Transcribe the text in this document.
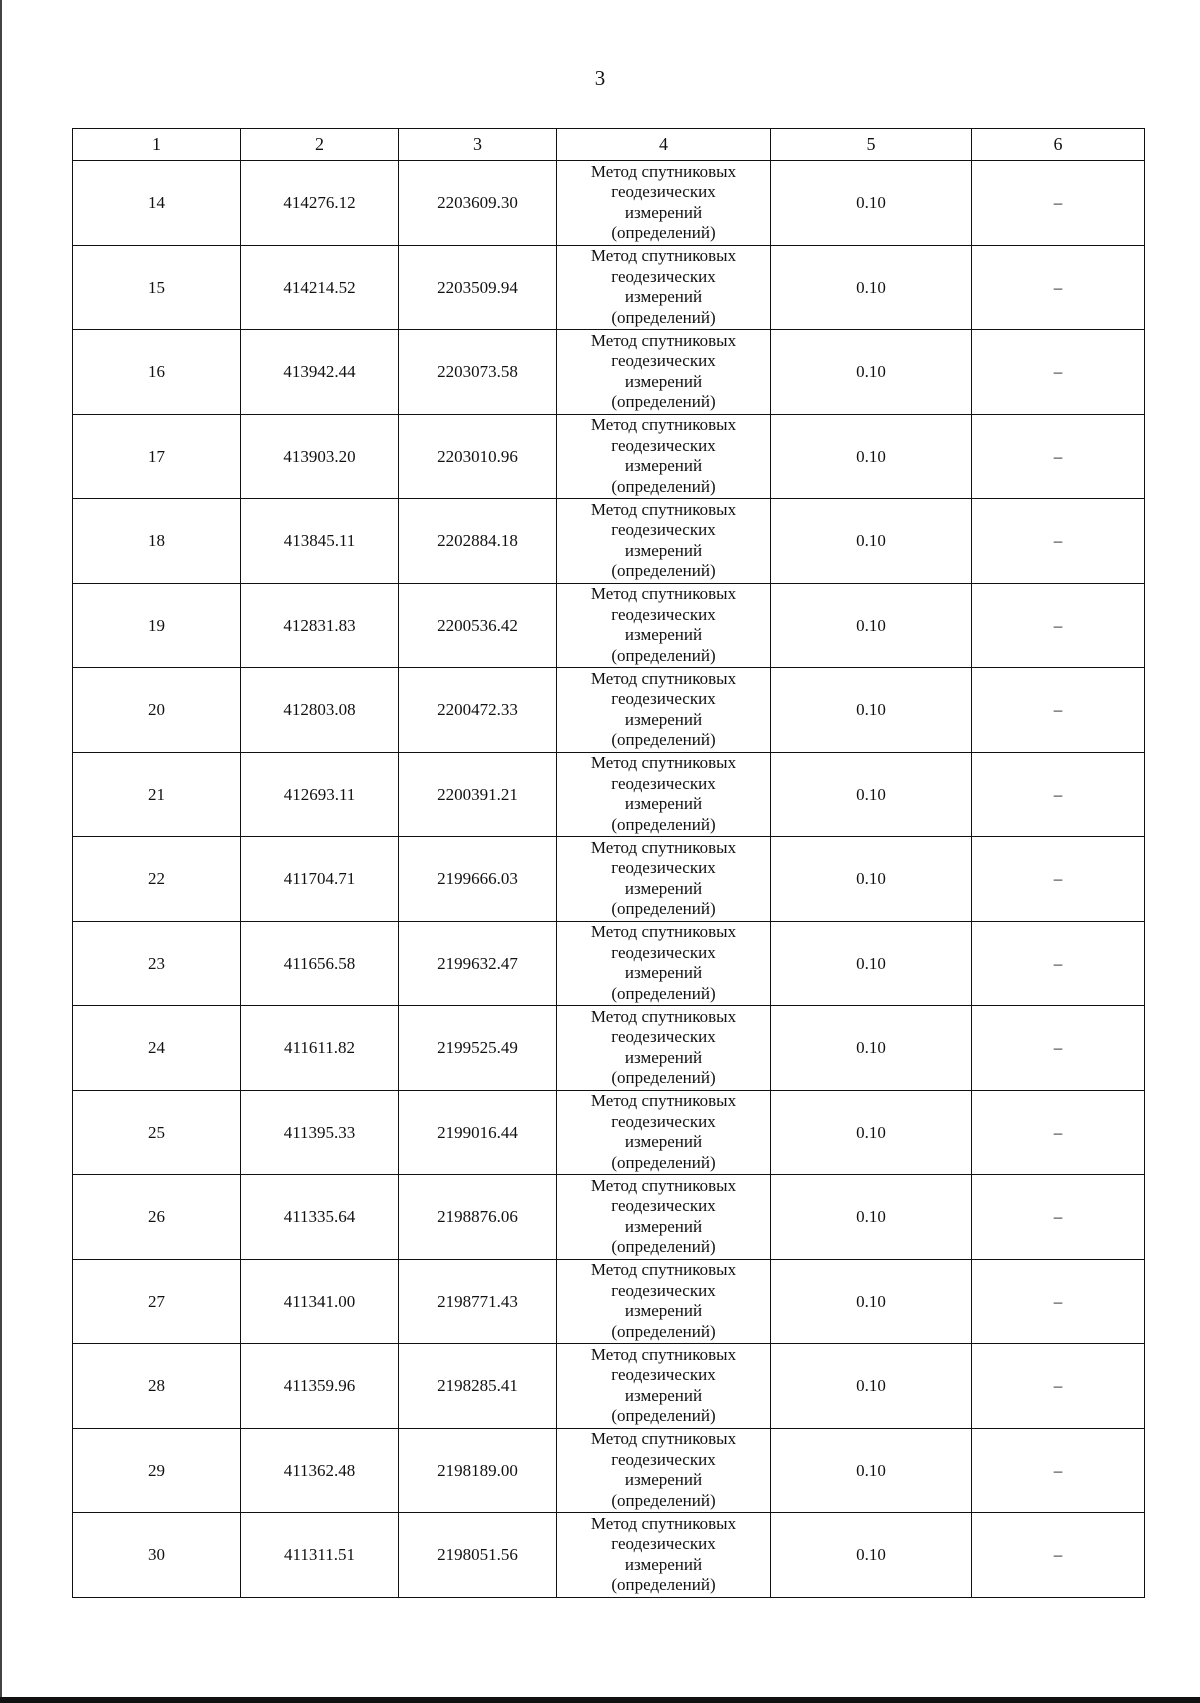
3
1	2	3	4	5	6
14	414276.12	2203609.30	Метод спутниковых
геодезических
измерений
(определений)	0.10	–
15	414214.52	2203509.94	Метод спутниковых
геодезических
измерений
(определений)	0.10	–
16	413942.44	2203073.58	Метод спутниковых
геодезических
измерений
(определений)	0.10	–
17	413903.20	2203010.96	Метод спутниковых
геодезических
измерений
(определений)	0.10	–
18	413845.11	2202884.18	Метод спутниковых
геодезических
измерений
(определений)	0.10	–
19	412831.83	2200536.42	Метод спутниковых
геодезических
измерений
(определений)	0.10	–
20	412803.08	2200472.33	Метод спутниковых
геодезических
измерений
(определений)	0.10	–
21	412693.11	2200391.21	Метод спутниковых
геодезических
измерений
(определений)	0.10	–
22	411704.71	2199666.03	Метод спутниковых
геодезических
измерений
(определений)	0.10	–
23	411656.58	2199632.47	Метод спутниковых
геодезических
измерений
(определений)	0.10	–
24	411611.82	2199525.49	Метод спутниковых
геодезических
измерений
(определений)	0.10	–
25	411395.33	2199016.44	Метод спутниковых
геодезических
измерений
(определений)	0.10	–
26	411335.64	2198876.06	Метод спутниковых
геодезических
измерений
(определений)	0.10	–
27	411341.00	2198771.43	Метод спутниковых
геодезических
измерений
(определений)	0.10	–
28	411359.96	2198285.41	Метод спутниковых
геодезических
измерений
(определений)	0.10	–
29	411362.48	2198189.00	Метод спутниковых
геодезических
измерений
(определений)	0.10	–
30	411311.51	2198051.56	Метод спутниковых
геодезических
измерений
(определений)	0.10	–
